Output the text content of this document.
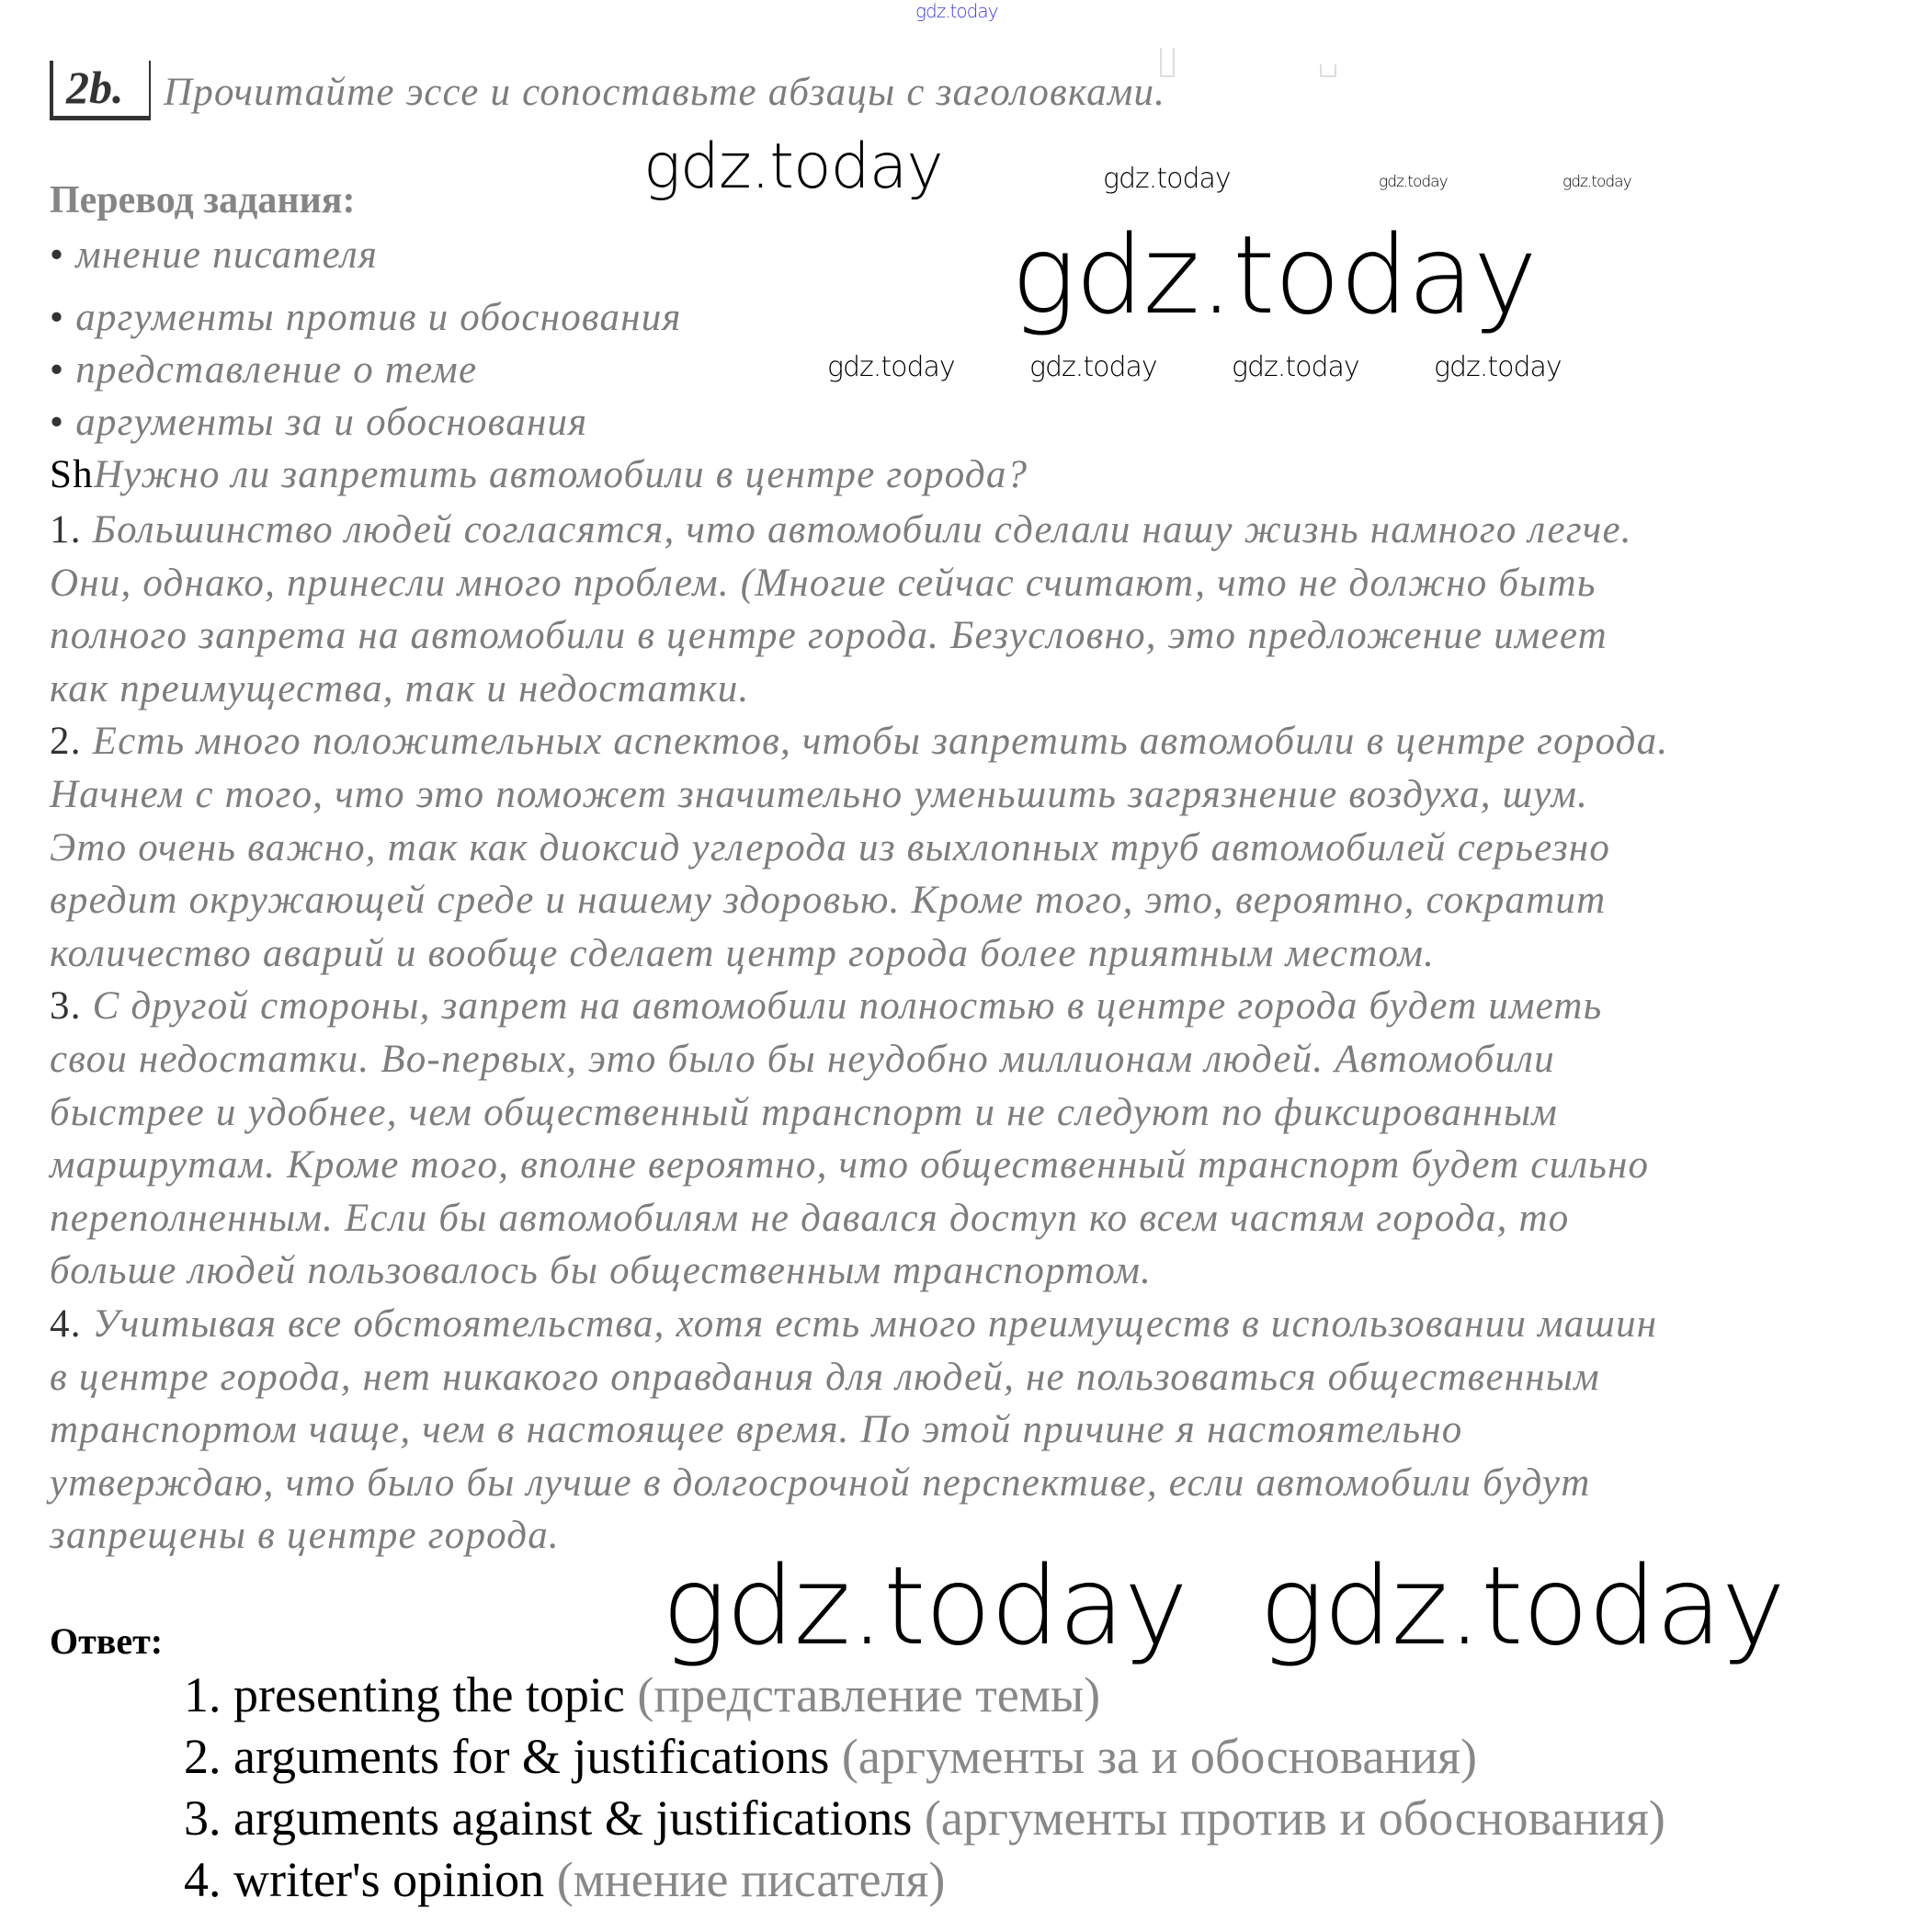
gdz.today
gdz.today	gdz.today	gdz.today	gdz.today
gdz.today
gdz.today	gdz.today	gdz.today	gdz.today
gdz.today gdz.today
2b. Прочитайте эссе и сопоставьте абзацы с заголовками.
Перевод задания:
• мнение писателя
• аргументы против и обоснования
• представление о теме
• аргументы за и обоснования
ShНужно ли запретить автомобили в центре города?
1. Большинство людей согласятся, что автомобили сделали нашу жизнь намного легче.
Они, однако, принесли много проблем. (Многие сейчас считают, что не должно быть
полного запрета на автомобили в центре города. Безусловно, это предложение имеет
как преимущества, так и недостатки.
2. Есть много положительных аспектов, чтобы запретить автомобили в центре города.
Начнем с того, что это поможет значительно уменьшить загрязнение воздуха, шум.
Это очень важно, так как диоксид углерода из выхлопных труб автомобилей серьезно
вредит окружающей среде и нашему здоровью. Кроме того, это, вероятно, сократит
количество аварий и вообще сделает центр города более приятным местом.
3. С другой стороны, запрет на автомобили полностью в центре города будет иметь
свои недостатки. Во-первых, это было бы неудобно миллионам людей. Автомобили
быстрее и удобнее, чем общественный транспорт и не следуют по фиксированным
маршрутам. Кроме того, вполне вероятно, что общественный транспорт будет сильно
переполненным. Если бы автомобилям не давался доступ ко всем частям города, то
больше людей пользовалось бы общественным транспортом.
4. Учитывая все обстоятельства, хотя есть много преимуществ в использовании машин
в центре города, нет никакого оправдания для людей, не пользоваться общественным
транспортом чаще, чем в настоящее время. По этой причине я настоятельно
утверждаю, что было бы лучше в долгосрочной перспективе, если автомобили будут
запрещены в центре города.
Ответ:
1. presenting the topic (представление темы)
2. arguments for & justifications (аргументы за и обоснования)
3. arguments against & justifications (аргументы против и обоснования)
4. writer's opinion (мнение писателя)
